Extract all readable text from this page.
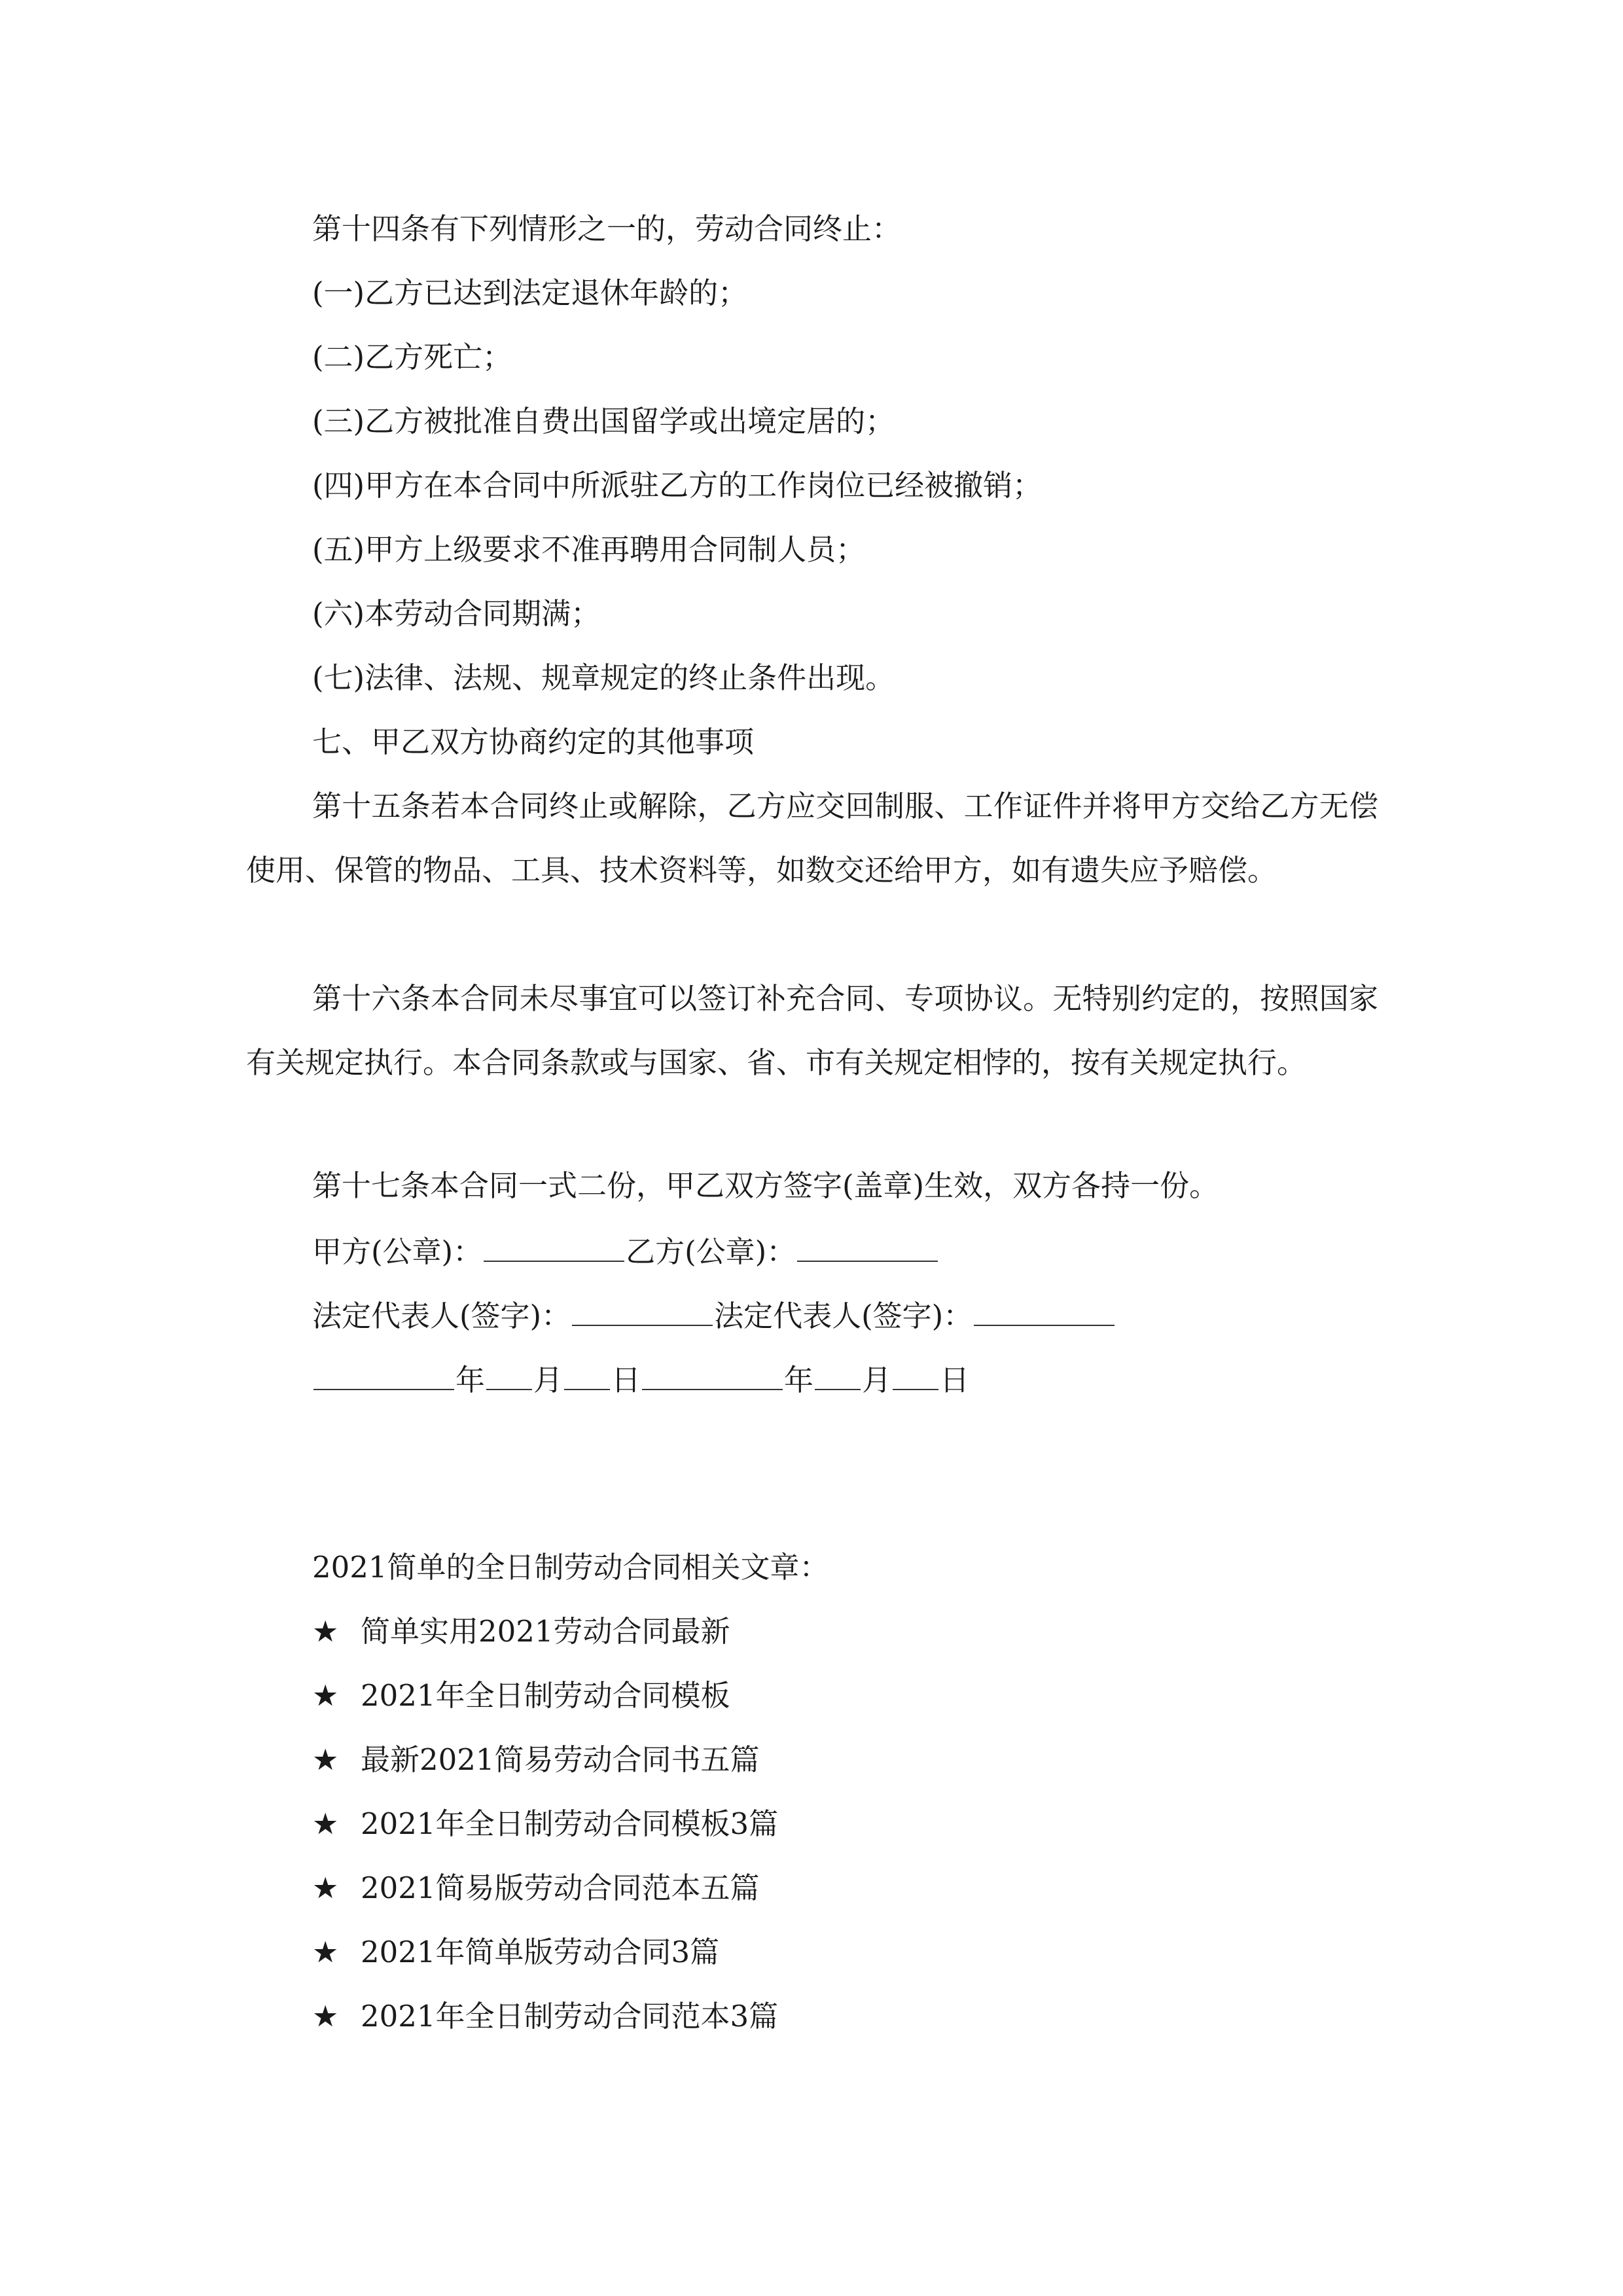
第十四条有下列情形之一的，劳动合同终止：
(一)乙方已达到法定退休年龄的；
(二)乙方死亡；
(三)乙方被批准自费出国留学或出境定居的；
(四)甲方在本合同中所派驻乙方的工作岗位已经被撤销；
(五)甲方上级要求不准再聘用合同制人员；
(六)本劳动合同期满；
(七)法律、法规、规章规定的终止条件出现。
七、甲乙双方协商约定的其他事项
第十五条若本合同终止或解除，乙方应交回制服、工作证件并将甲方交给乙方无偿使用、保管的物品、工具、技术资料等，如数交还给甲方，如有遗失应予赔偿。
第十六条本合同未尽事宜可以签订补充合同、专项协议。无特别约定的，按照国家有关规定执行。本合同条款或与国家、省、市有关规定相悖的，按有关规定执行。
第十七条本合同一式二份，甲乙双方签字(盖章)生效，双方各持一份。
甲方(公章)：	乙方(公章)：
法定代表人(签字)：	法定代表人(签字)：
年 月 日	年 月 日
2021简单的全日制劳动合同相关文章：
★ 简单实用2021劳动合同最新
★ 2021年全日制劳动合同模板
★ 最新2021简易劳动合同书五篇
★ 2021年全日制劳动合同模板3篇
★ 2021简易版劳动合同范本五篇
★ 2021年简单版劳动合同3篇
★ 2021年全日制劳动合同范本3篇
